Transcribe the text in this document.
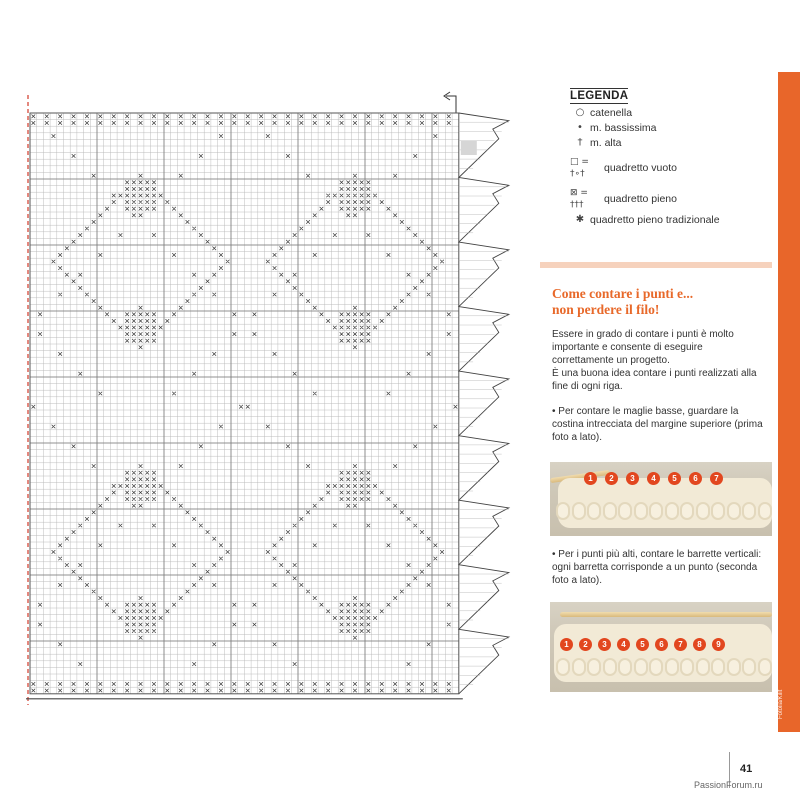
LEGENDA
○ catenella
• m. bassissima
† m. alta
□ = †∘†	quadretto vuoto
⊠ = †††	quadretto pieno
✱ quadretto pieno tradizionale
Come contare i punti e...
non perdere il filo!
Essere in grado di contare i punti è molto importante e consente di eseguire correttamente un progetto.
È una buona idea contare i punti realizzati alla fine di ogni riga.
• Per contare le maglie basse, guardare la costina intrecciata del margine superiore (prima foto a lato).
1	2	3	4	5	6	7
• Per i punti più alti, contare le barrette verticali: ogni barretta corrisponde a un punto (seconda foto a lato).
1	2	3	4	5	6	7	8	9
Fotolia/Kilit
41
PassionForum.ru
